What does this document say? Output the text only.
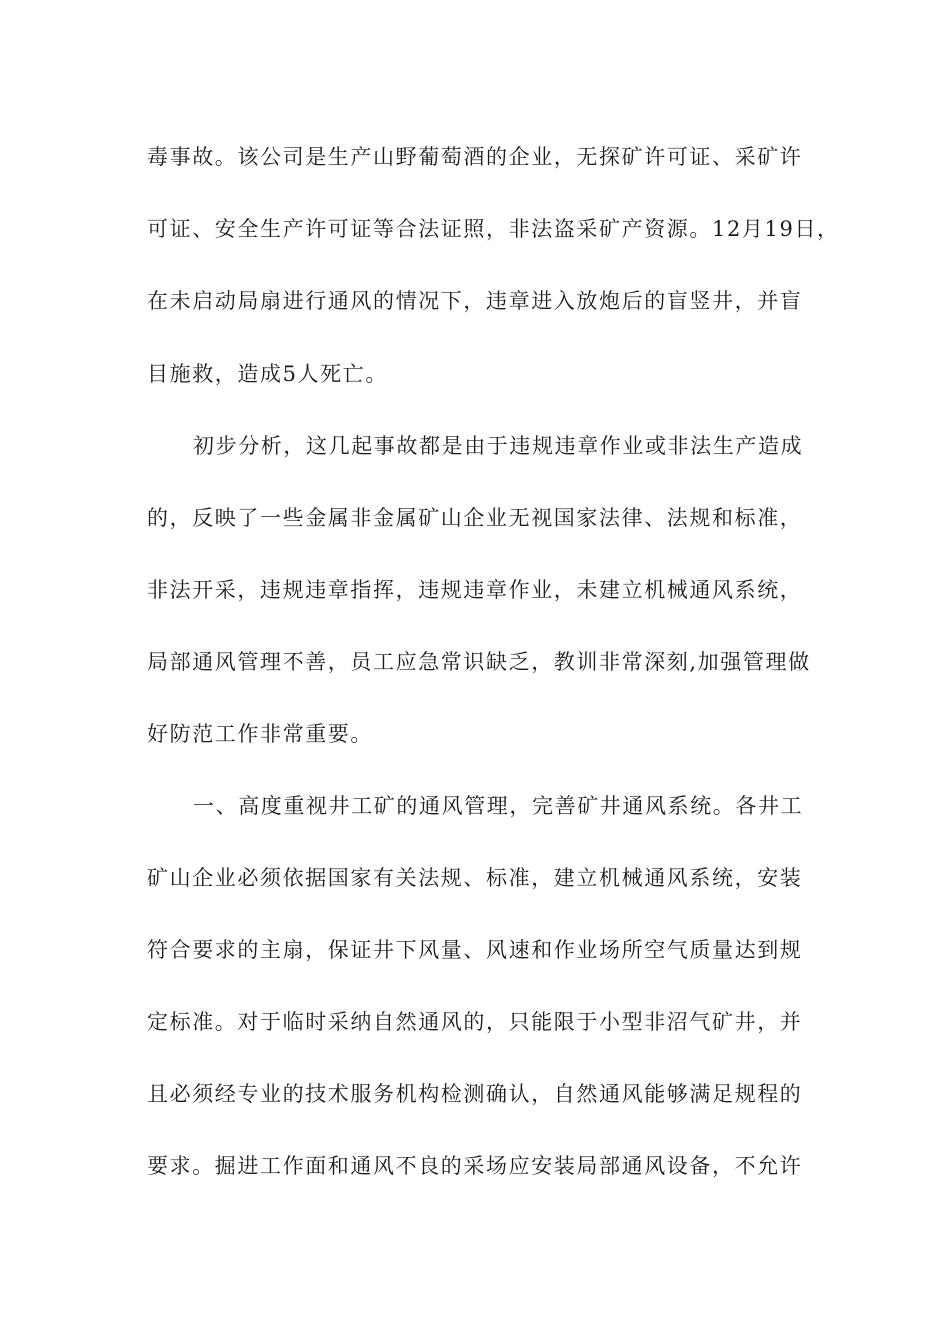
毒事故。该公司是生产山野葡萄酒的企业，无探矿许可证、采矿许
可证、安全生产许可证等合法证照，非法盗采矿产资源。12月19日，
在未启动局扇进行通风的情况下，违章进入放炮后的盲竖井，并盲
目施救，造成5人死亡。
初步分析，这几起事故都是由于违规违章作业或非法生产造成
的，反映了一些金属非金属矿山企业无视国家法律、法规和标准，
非法开采，违规违章指挥，违规违章作业，未建立机械通风系统，
局部通风管理不善，员工应急常识缺乏，教训非常深刻,加强管理做
好防范工作非常重要。
一、高度重视井工矿的通风管理，完善矿井通风系统。各井工
矿山企业必须依据国家有关法规、标准，建立机械通风系统，安装
符合要求的主扇，保证井下风量、风速和作业场所空气质量达到规
定标准。对于临时采纳自然通风的，只能限于小型非沼气矿井，并
且必须经专业的技术服务机构检测确认，自然通风能够满足规程的
要求。掘进工作面和通风不良的采场应安装局部通风设备，不允许
